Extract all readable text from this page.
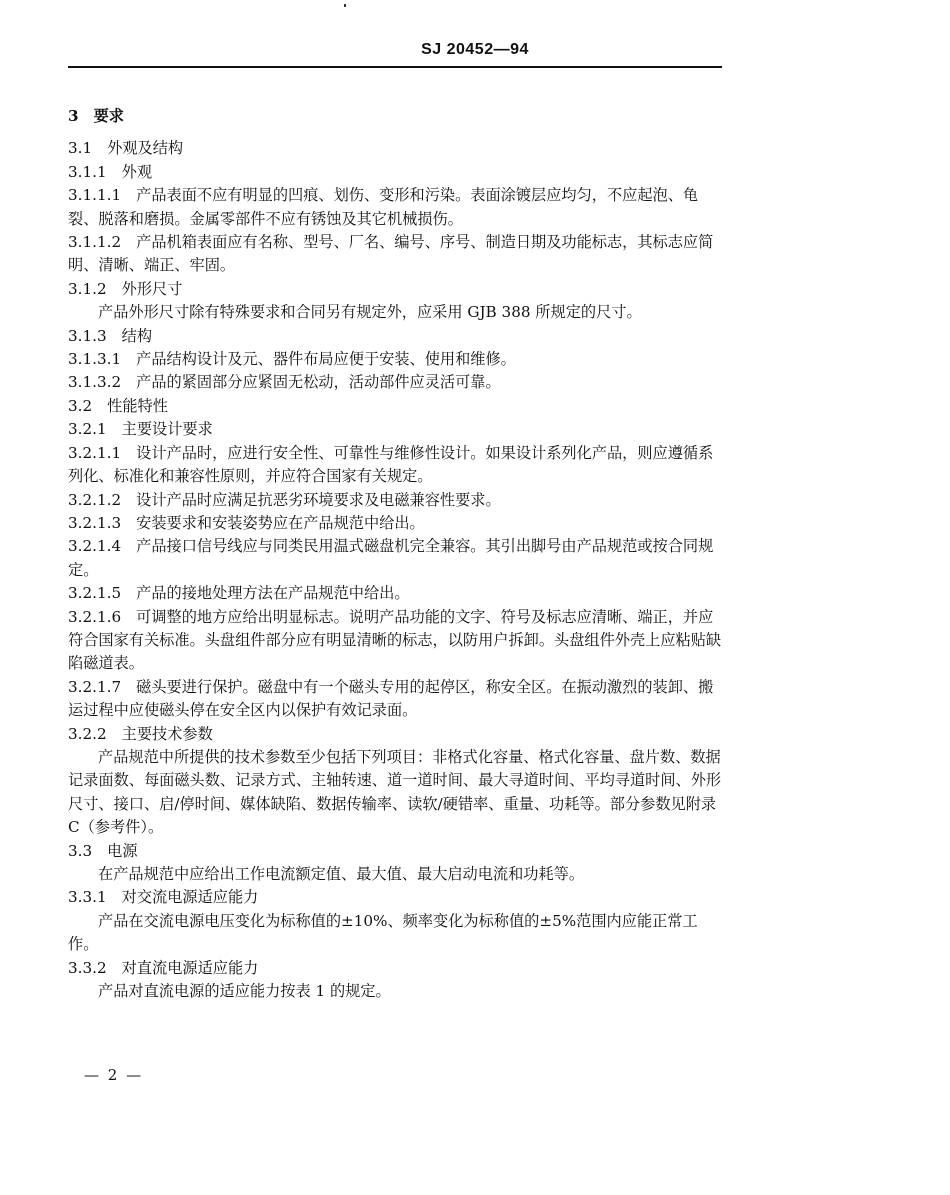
SJ 20452—94

3 要求

3.1 外观及结构

3.1.1 外观

3.1.1.1 产品表面不应有明显的凹痕、划伤、变形和污染。表面涂镀层应均匀，不应起泡、龟裂、脱落和磨损。金属零部件不应有锈蚀及其它机械损伤。

3.1.1.2 产品机箱表面应有名称、型号、厂名、编号、序号、制造日期及功能标志，其标志应简明、清晰、端正、牢固。

3.1.2 外形尺寸

产品外形尺寸除有特殊要求和合同另有规定外，应采用 GJB 388 所规定的尺寸。

3.1.3 结构

3.1.3.1 产品结构设计及元、器件布局应便于安装、使用和维修。

3.1.3.2 产品的紧固部分应紧固无松动，活动部件应灵活可靠。

3.2 性能特性

3.2.1 主要设计要求

3.2.1.1 设计产品时，应进行安全性、可靠性与维修性设计。如果设计系列化产品，则应遵循系列化、标准化和兼容性原则，并应符合国家有关规定。

3.2.1.2 设计产品时应满足抗恶劣环境要求及电磁兼容性要求。

3.2.1.3 安装要求和安装姿势应在产品规范中给出。

3.2.1.4 产品接口信号线应与同类民用温式磁盘机完全兼容。其引出脚号由产品规范或按合同规定。

3.2.1.5 产品的接地处理方法在产品规范中给出。

3.2.1.6 可调整的地方应给出明显标志。说明产品功能的文字、符号及标志应清晰、端正，并应符合国家有关标准。头盘组件部分应有明显清晰的标志，以防用户拆卸。头盘组件外壳上应粘贴缺陷磁道表。

3.2.1.7 磁头要进行保护。磁盘中有一个磁头专用的起停区，称安全区。在振动激烈的装卸、搬运过程中应使磁头停在安全区内以保护有效记录面。

3.2.2 主要技术参数

产品规范中所提供的技术参数至少包括下列项目：非格式化容量、格式化容量、盘片数、数据记录面数、每面磁头数、记录方式、主轴转速、道一道时间、最大寻道时间、平均寻道时间、外形尺寸、接口、启/停时间、媒体缺陷、数据传输率、读软/硬错率、重量、功耗等。部分参数见附录C（参考件）。

3.3 电源

在产品规范中应给出工作电流额定值、最大值、最大启动电流和功耗等。

3.3.1 对交流电源适应能力

产品在交流电源电压变化为标称值的±10%、频率变化为标称值的±5%范围内应能正常工作。

3.3.2 对直流电源适应能力

产品对直流电源的适应能力按表 1 的规定。

— 2 —
